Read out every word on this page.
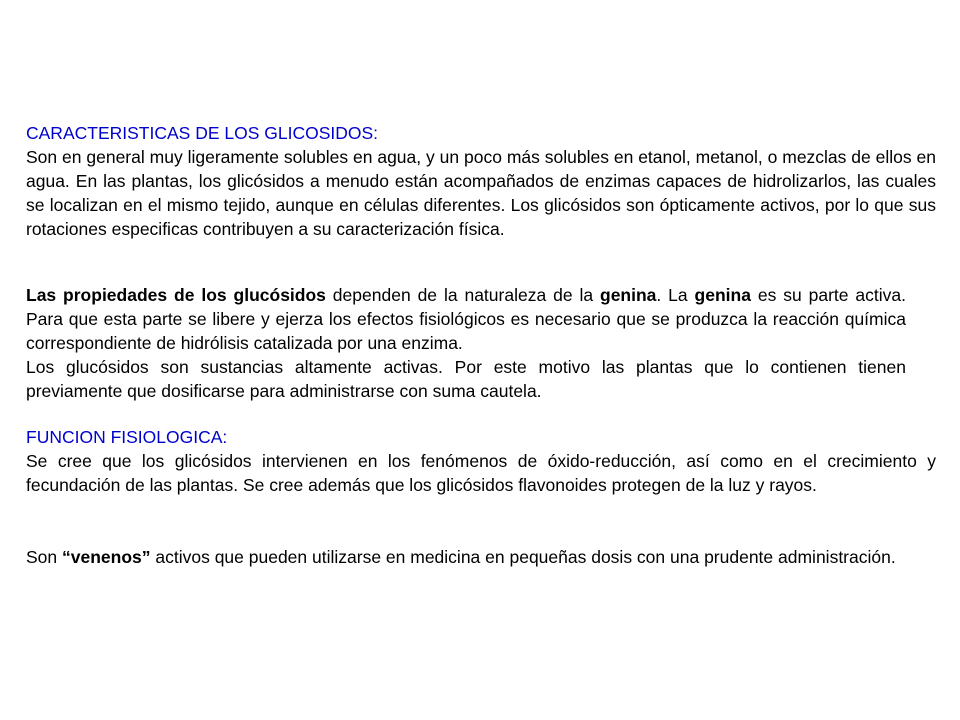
CARACTERISTICAS DE LOS GLICOSIDOS:

Son en general muy ligeramente solubles en agua, y un poco más solubles en etanol, metanol, o mezclas de ellos en agua. En las plantas, los glicósidos a menudo están acompañados de enzimas capaces de hidrolizarlos, las cuales se localizan en el mismo tejido, aunque en células diferentes. Los glicósidos son ópticamente activos, por lo que sus rotaciones especificas contribuyen a su caracterización física.

Las propiedades de los glucósidos dependen de la naturaleza de la genina. La genina es su parte activa. Para que esta parte se libere y ejerza los efectos fisiológicos es necesario que se produzca la reacción química correspondiente de hidrólisis catalizada por una enzima.

Los glucósidos son sustancias altamente activas. Por este motivo las plantas que lo contienen tienen previamente que dosificarse para administrarse con suma cautela.

FUNCION FISIOLOGICA:

Se cree que los glicósidos intervienen en los fenómenos de óxido-reducción, así como en el crecimiento y fecundación de las plantas. Se cree además que los glicósidos flavonoides protegen de la luz y rayos.

Son “venenos” activos que pueden utilizarse en medicina en pequeñas dosis con una prudente administración.
